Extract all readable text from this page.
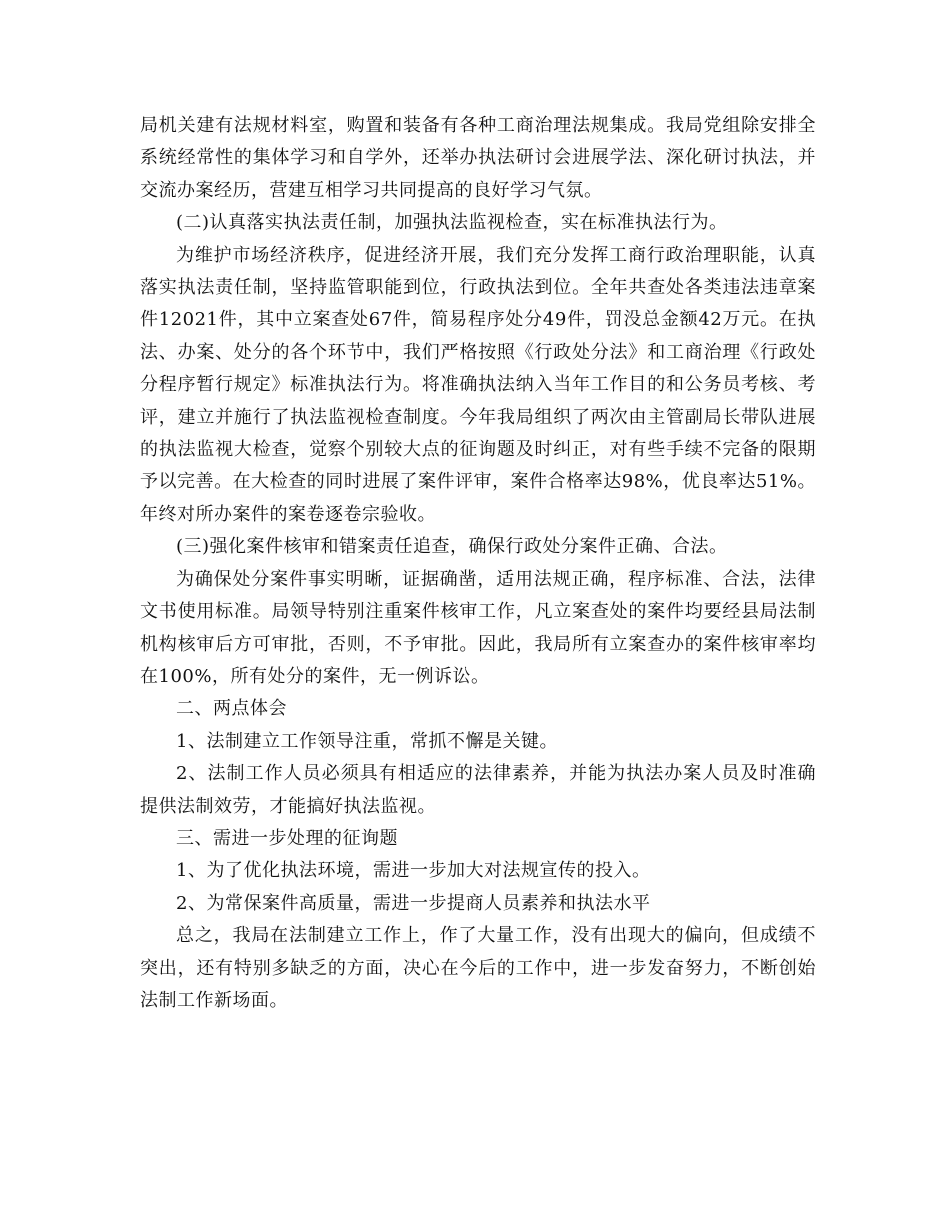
局机关建有法规材料室，购置和装备有各种工商治理法规集成。我局党组除安排全系统经常性的集体学习和自学外，还举办执法研讨会进展学法、深化研讨执法，并交流办案经历，营建互相学习共同提高的良好学习气氛。

(二)认真落实执法责任制，加强执法监视检查，实在标准执法行为。

为维护市场经济秩序，促进经济开展，我们充分发挥工商行政治理职能，认真落实执法责任制，坚持监管职能到位，行政执法到位。全年共查处各类违法违章案件12021件，其中立案查处67件，简易程序处分49件，罚没总金额42万元。在执法、办案、处分的各个环节中，我们严格按照《行政处分法》和工商治理《行政处分程序暂行规定》标准执法行为。将准确执法纳入当年工作目的和公务员考核、考评，建立并施行了执法监视检查制度。今年我局组织了两次由主管副局长带队进展的执法监视大检查，觉察个别较大点的征询题及时纠正，对有些手续不完备的限期予以完善。在大检查的同时进展了案件评审，案件合格率达98%，优良率达51%。年终对所办案件的案卷逐卷宗验收。

(三)强化案件核审和错案责任追查，确保行政处分案件正确、合法。

为确保处分案件事实明晰，证据确凿，适用法规正确，程序标准、合法，法律文书使用标准。局领导特别注重案件核审工作，凡立案查处的案件均要经县局法制机构核审后方可审批，否则，不予审批。因此，我局所有立案查办的案件核审率均在100%，所有处分的案件，无一例诉讼。

二、两点体会

1、法制建立工作领导注重，常抓不懈是关键。

2、法制工作人员必须具有相适应的法律素养，并能为执法办案人员及时准确提供法制效劳，才能搞好执法监视。

三、需进一步处理的征询题

1、为了优化执法环境，需进一步加大对法规宣传的投入。

2、为常保案件高质量，需进一步提商人员素养和执法水平

总之，我局在法制建立工作上，作了大量工作，没有出现大的偏向，但成绩不突出，还有特别多缺乏的方面，决心在今后的工作中，进一步发奋努力，不断创始法制工作新场面。
